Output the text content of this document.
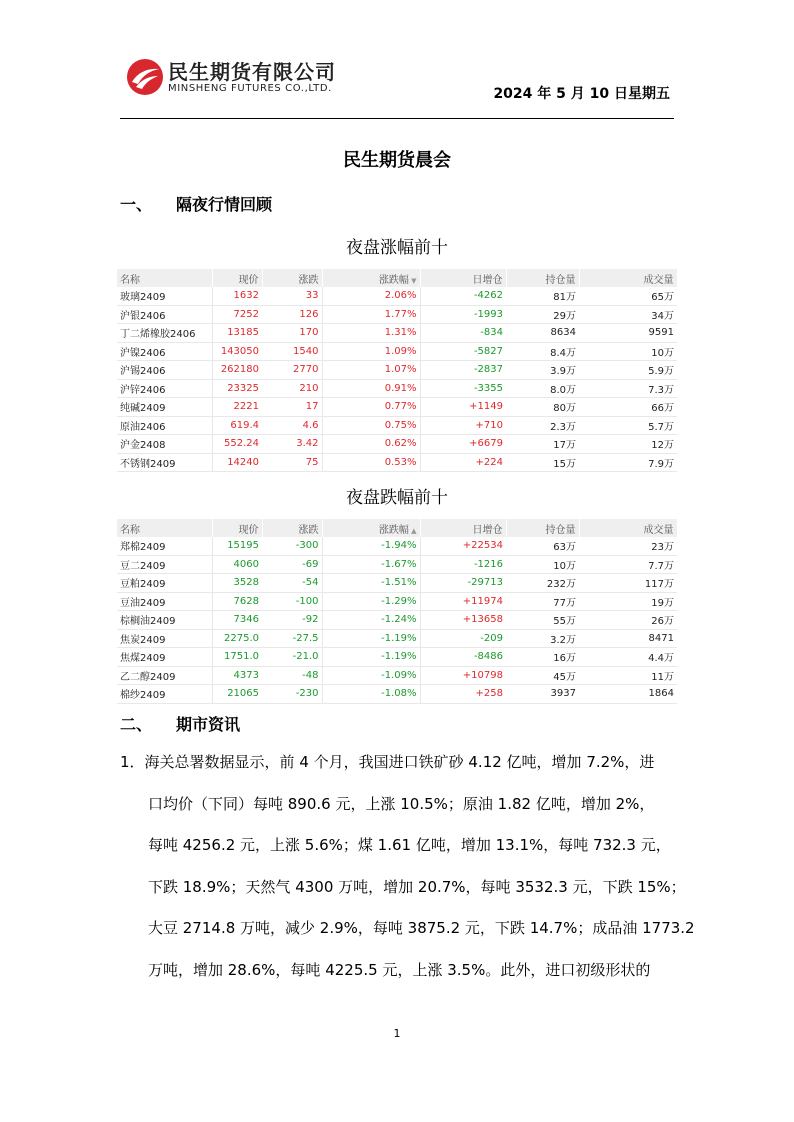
民生期货有限公司
MINSHENG FUTURES CO.,LTD.	2024 年 5 月 10 日星期五
民生期货晨会
一、 隔夜行情回顾
夜盘涨幅前十
名称	现价	涨跌	涨跌幅 ▼	日增仓	持仓量	成交量
玻璃2409	1632	33	2.06%	-4262	81万	65万
沪银2406	7252	126	1.77%	-1993	29万	34万
丁二烯橡胶2406	13185	170	1.31%	-834	8634	9591
沪镍2406	143050	1540	1.09%	-5827	8.4万	10万
沪锡2406	262180	2770	1.07%	-2837	3.9万	5.9万
沪锌2406	23325	210	0.91%	-3355	8.0万	7.3万
纯碱2409	2221	17	0.77%	+1149	80万	66万
原油2406	619.4	4.6	0.75%	+710	2.3万	5.7万
沪金2408	552.24	3.42	0.62%	+6679	17万	12万
不锈钢2409	14240	75	0.53%	+224	15万	7.9万
夜盘跌幅前十
名称	现价	涨跌	涨跌幅 ▲	日增仓	持仓量	成交量
郑棉2409	15195	-300	-1.94%	+22534	63万	23万
豆二2409	4060	-69	-1.67%	-1216	10万	7.7万
豆粕2409	3528	-54	-1.51%	-29713	232万	117万
豆油2409	7628	-100	-1.29%	+11974	77万	19万
棕榈油2409	7346	-92	-1.24%	+13658	55万	26万
焦炭2409	2275.0	-27.5	-1.19%	-209	3.2万	8471
焦煤2409	1751.0	-21.0	-1.19%	-8486	16万	4.4万
乙二醇2409	4373	-48	-1.09%	+10798	45万	11万
棉纱2409	21065	-230	-1.08%	+258	3937	1864
二、 期市资讯
1．海关总署数据显示，前 4 个月，我国进口铁矿砂 4.12 亿吨，增加 7.2%，进
口均价（下同）每吨 890.6 元，上涨 10.5%；原油 1.82 亿吨，增加 2%，
每吨 4256.2 元，上涨 5.6%；煤 1.61 亿吨，增加 13.1%，每吨 732.3 元，
下跌 18.9%；天然气 4300 万吨，增加 20.7%，每吨 3532.3 元，下跌 15%；
大豆 2714.8 万吨，减少 2.9%，每吨 3875.2 元，下跌 14.7%；成品油 1773.2
万吨，增加 28.6%，每吨 4225.5 元，上涨 3.5%。此外，进口初级形状的
1
